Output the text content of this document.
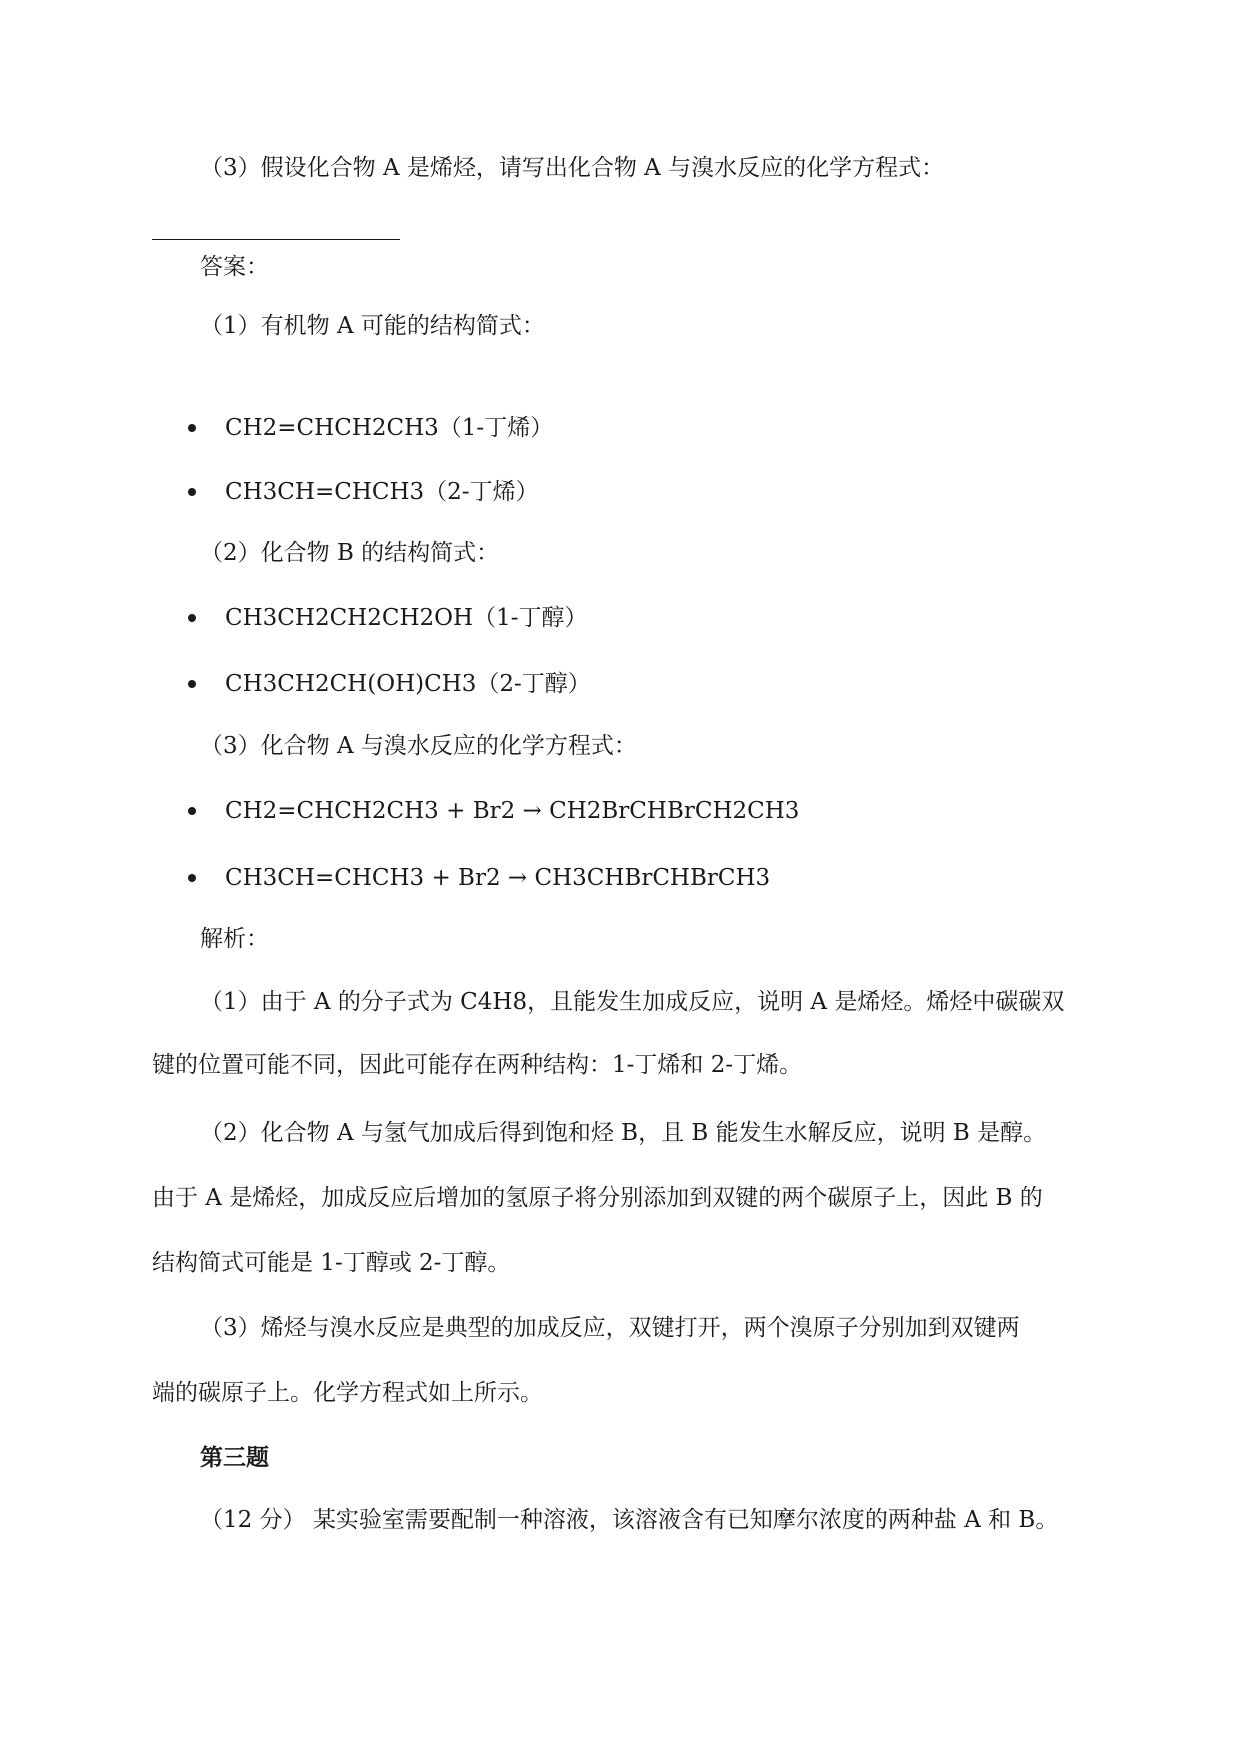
（3）假设化合物 A 是烯烃，请写出化合物 A 与溴水反应的化学方程式：
答案：
（1）有机物 A 可能的结构简式：
CH2=CHCH2CH3（1-丁烯）
CH3CH=CHCH3（2-丁烯）
（2）化合物 B 的结构简式：
CH3CH2CH2CH2OH（1-丁醇）
CH3CH2CH(OH)CH3（2-丁醇）
（3）化合物 A 与溴水反应的化学方程式：
CH2=CHCH2CH3 + Br2 → CH2BrCHBrCH2CH3
CH3CH=CHCH3 + Br2 → CH3CHBrCHBrCH3
解析：
（1）由于 A 的分子式为 C4H8，且能发生加成反应，说明 A 是烯烃。烯烃中碳碳双
键的位置可能不同，因此可能存在两种结构：1-丁烯和 2-丁烯。
（2）化合物 A 与氢气加成后得到饱和烃 B，且 B 能发生水解反应，说明 B 是醇。
由于 A 是烯烃，加成反应后增加的氢原子将分别添加到双键的两个碳原子上，因此 B 的
结构简式可能是 1-丁醇或 2-丁醇。
（3）烯烃与溴水反应是典型的加成反应，双键打开，两个溴原子分别加到双键两
端的碳原子上。化学方程式如上所示。
第三题
（12 分） 某实验室需要配制一种溶液，该溶液含有已知摩尔浓度的两种盐 A 和 B。
